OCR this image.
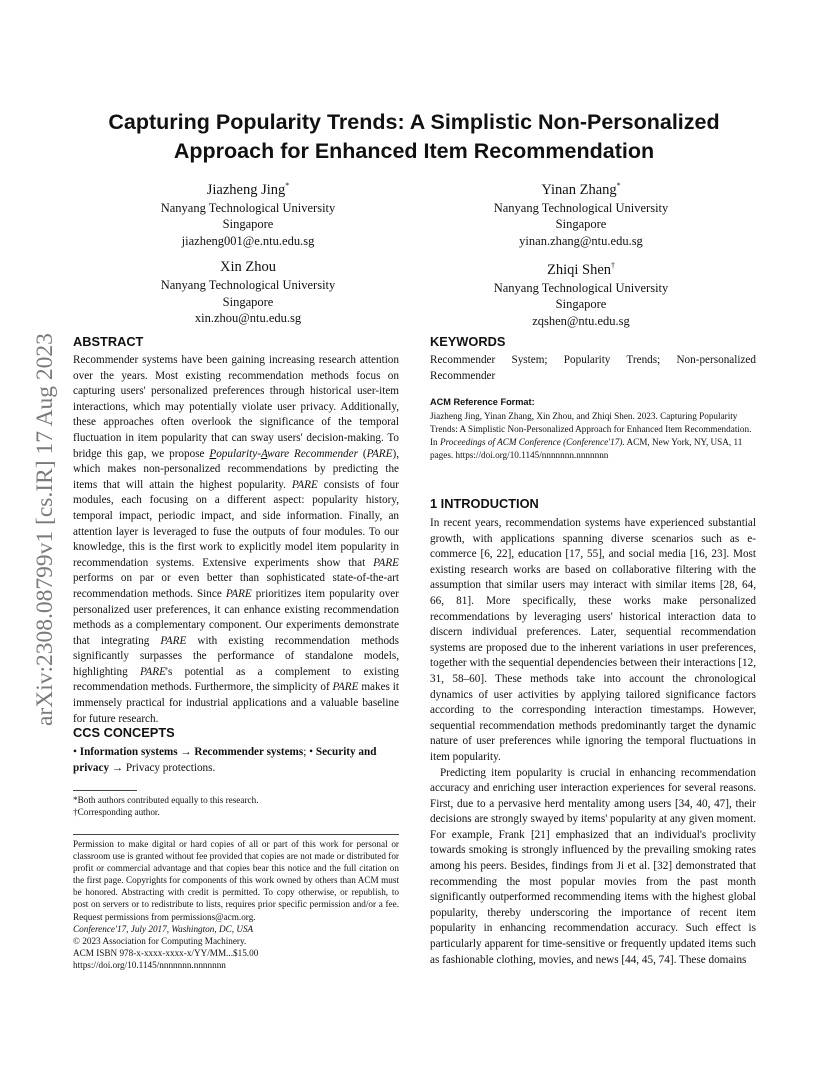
arXiv:2308.08799v1 [cs.IR] 17 Aug 2023
Capturing Popularity Trends: A Simplistic Non-Personalized
Approach for Enhanced Item Recommendation
Jiazheng Jing*
Nanyang Technological University
Singapore
jiazheng001@e.ntu.edu.sg
Yinan Zhang*
Nanyang Technological University
Singapore
yinan.zhang@ntu.edu.sg
Xin Zhou
Nanyang Technological University
Singapore
xin.zhou@ntu.edu.sg
Zhiqi Shen†
Nanyang Technological University
Singapore
zqshen@ntu.edu.sg
ABSTRACT
Recommender systems have been gaining increasing research attention over the years. Most existing recommendation methods focus on capturing users' personalized preferences through historical user-item interactions, which may potentially violate user privacy. Additionally, these approaches often overlook the significance of the temporal fluctuation in item popularity that can sway users' decision-making. To bridge this gap, we propose Popularity-Aware Recommender (PARE), which makes non-personalized recommendations by predicting the items that will attain the highest popularity. PARE consists of four modules, each focusing on a different aspect: popularity history, temporal impact, periodic impact, and side information. Finally, an attention layer is leveraged to fuse the outputs of four modules. To our knowledge, this is the first work to explicitly model item popularity in recommendation systems. Extensive experiments show that PARE performs on par or even better than sophisticated state-of-the-art recommendation methods. Since PARE prioritizes item popularity over personalized user preferences, it can enhance existing recommendation methods as a complementary component. Our experiments demonstrate that integrating PARE with existing recommendation methods significantly surpasses the performance of standalone models, highlighting PARE's potential as a complement to existing recommendation methods. Furthermore, the simplicity of PARE makes it immensely practical for industrial applications and a valuable baseline for future research.
CCS CONCEPTS
• Information systems → Recommender systems; • Security and privacy → Privacy protections.
*Both authors contributed equally to this research.
†Corresponding author.
Permission to make digital or hard copies of all or part of this work for personal or classroom use is granted without fee provided that copies are not made or distributed for profit or commercial advantage and that copies bear this notice and the full citation on the first page. Copyrights for components of this work owned by others than ACM must be honored. Abstracting with credit is permitted. To copy otherwise, or republish, to post on servers or to redistribute to lists, requires prior specific permission and/or a fee. Request permissions from permissions@acm.org.
Conference'17, July 2017, Washington, DC, USA
© 2023 Association for Computing Machinery.
ACM ISBN 978-x-xxxx-xxxx-x/YY/MM...$15.00
https://doi.org/10.1145/nnnnnnn.nnnnnnn
KEYWORDS
Recommender System; Popularity Trends; Non-personalized Recommender
ACM Reference Format:
Jiazheng Jing, Yinan Zhang, Xin Zhou, and Zhiqi Shen. 2023. Capturing Popularity Trends: A Simplistic Non-Personalized Approach for Enhanced Item Recommendation. In Proceedings of ACM Conference (Conference'17). ACM, New York, NY, USA, 11 pages. https://doi.org/10.1145/nnnnnnn.nnnnnnn
1 INTRODUCTION
In recent years, recommendation systems have experienced substantial growth, with applications spanning diverse scenarios such as e-commerce [6, 22], education [17, 55], and social media [16, 23]. Most existing research works are based on collaborative filtering with the assumption that similar users may interact with similar items [28, 64, 66, 81]. More specifically, these works make personalized recommendations by leveraging users' historical interaction data to discern individual preferences. Later, sequential recommendation systems are proposed due to the inherent variations in user preferences, together with the sequential dependencies between their interactions [12, 31, 58–60]. These methods take into account the chronological dynamics of user activities by applying tailored significance factors according to the corresponding interaction timestamps. However, sequential recommendation methods predominantly target the dynamic nature of user preferences while ignoring the temporal fluctuations in item popularity.
Predicting item popularity is crucial in enhancing recommendation accuracy and enriching user interaction experiences for several reasons. First, due to a pervasive herd mentality among users [34, 40, 47], their decisions are strongly swayed by items' popularity at any given moment. For example, Frank [21] emphasized that an individual's proclivity towards smoking is strongly influenced by the prevailing smoking rates among his peers. Besides, findings from Ji et al. [32] demonstrated that recommending the most popular movies from the past month significantly outperformed recommending items with the highest global popularity, thereby underscoring the importance of recent item popularity in enhancing recommendation accuracy. Such effect is particularly apparent for time-sensitive or frequently updated items such as fashionable clothing, movies, and news [44, 45, 74]. These domains
